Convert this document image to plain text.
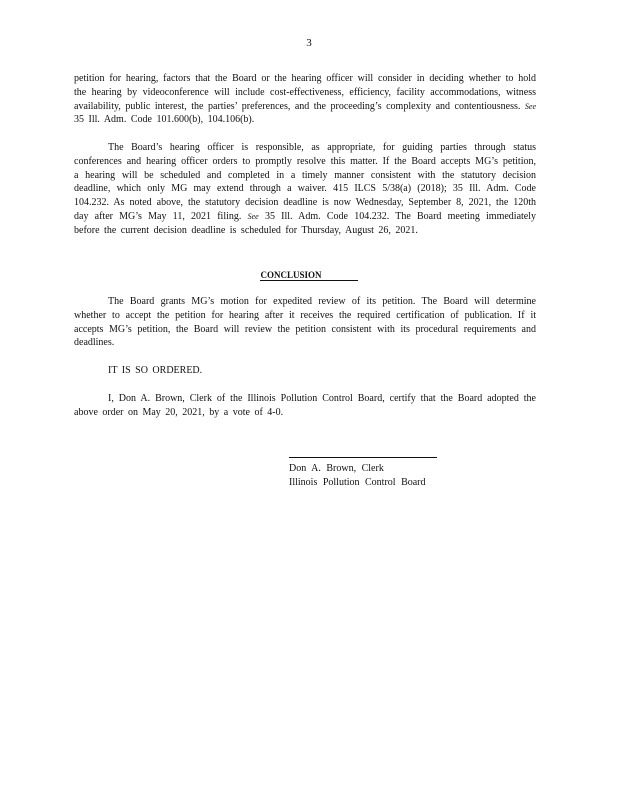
3

petition for hearing, factors that the Board or the hearing officer will consider in deciding whether to hold the hearing by videoconference will include cost-effectiveness, efficiency, facility accommodations, witness availability, public interest, the parties’ preferences, and the proceeding’s complexity and contentiousness. See 35 Ill. Adm. Code 101.600(b), 104.106(b).

The Board’s hearing officer is responsible, as appropriate, for guiding parties through status conferences and hearing officer orders to promptly resolve this matter. If the Board accepts MG’s petition, a hearing will be scheduled and completed in a timely manner consistent with the statutory decision deadline, which only MG may extend through a waiver. 415 ILCS 5/38(a) (2018); 35 Ill. Adm. Code 104.232. As noted above, the statutory decision deadline is now Wednesday, September 8, 2021, the 120th day after MG’s May 11, 2021 filing. See 35 Ill. Adm. Code 104.232. The Board meeting immediately before the current decision deadline is scheduled for Thursday, August 26, 2021.

CONCLUSION

The Board grants MG’s motion for expedited review of its petition. The Board will determine whether to accept the petition for hearing after it receives the required certification of publication. If it accepts MG’s petition, the Board will review the petition consistent with its procedural requirements and deadlines.

IT IS SO ORDERED.

I, Don A. Brown, Clerk of the Illinois Pollution Control Board, certify that the Board adopted the above order on May 20, 2021, by a vote of 4-0.

Don A. Brown, Clerk
Illinois Pollution Control Board
